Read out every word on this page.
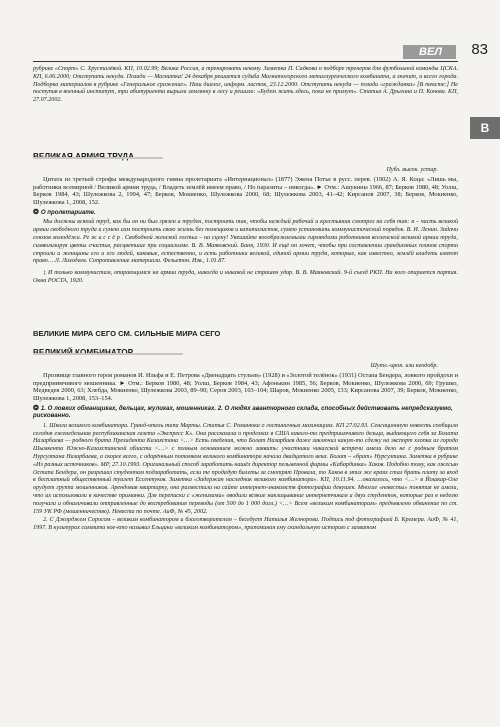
ВЕЛ	83
В

рубрике «Спорт» С. Хрусталёвой. КП, 10.02.99; Велика Россия, а тренировать некому. Заметка П. Садкова о подборе тренеров для футбольной команды ЦСКА. КП, 6.06.2000; Отступать некуда. Позади — Магнитка! 24 декабря решается судьба Магнитогорского металлургического комбината, а значит, и всего города. Подборка материалов в рубрике «Генеральное сражение». Наш диалог, информ. листок, 23.12.2000. Отступать некуда — позади «гражданка» [В тексте:] Не поступив в военный институт, три абитуриента вырыли землянку в лесу и решили: «Будем жить здесь, пока не примут». Статья А. Дрыгина и П. Конова. КП, 27.07.2002.

Публ. высок. устар.

Цитата из третьей строфы международного гимна пролетариата «Интернационал» (1877) Эжена Потье в русс. перев. (1902) А. Я. Коца: «Лишь мы, работники всемирной / Великой армии труда, / Владеть землёй имеем право, / Но паразиты – никогда». ► Отм.: Ашукины 1966, 87; Берков 1980, 48; Уолш, Берков 1984, 43; Шулежкова 2, 1994, 47; Берков, Мокиенко, Шулежкова 2000, 68; Шулежкова 2003, 41–42; Кирсанов 2007, 38; Берков, Мокиенко, Шулежкова 1, 2008, 152.

❂ О пролетариате.

Мы должны всякий труд, как бы он ни был грязен и труден, построить так, чтобы каждый рабочий и крестьянин смотрел на себя так: я – часть великой армии свободного труда и сумею сам построить свою жизнь без помещиков и капиталистов, сумею установить коммунистический порядок. В. И. Ленин. Задачи союзов молодёжи. Ре ж и с с ё р . Свободной женской гостьи – на сцену! Увешайте вооображаемыми гирляндами работников вселенской великой армии труда, символизируя цветы счастья, расцветшие при социализме. В. В. Маяковский. Баня, 1930. И ещё он хочет, чтобы при составлении грандиозных планов спорта строили и женщины его и его людей, каковые, естественно, и есть работники великой, единой армии труда, которые, как известно, землёй владеть имеют право… Л. Лиходеев. Сопротивление материала. Фельетон. Изв., 1.01.87.

↨ И только коммунистам, опирающимся на армии труда, никогда и никакой не страшен удар. В. В. Маяковский. 9-й съезд РКП. На кого опирается партия. Окна РОСТА, 1920.

ВЕЛИКИЕ МИРА СЕГО СМ. СИЛЬНЫЕ МИРА СЕГО

Шутл.-ирон. или неодобр.

Прозвище главного героя романов И. Ильфа и Е. Петрова «Двенадцать стульев» (1928) и «Золотой телёнок» (1931) Остапа Бендера, ловкого пройдохи и предприимчивого мошенника. ► Отм.: Берков 1980, 48; Уолш, Берков 1984, 43; Афонькин 1985, 56; Берков, Мокиенко, Шулежкова 2000, 69; Грушко, Медведев 2000, 63; Хлебда, Мокиенко, Шулежкова 2003, 89–90; Серов 2003, 103–104; Шаров, Мокиенко 2005, 133; Кирсанова 2007, 39; Берков, Мокиенко, Шулежкова 1, 2008, 153–154.

❂ 1. О ловких обманщиках, дельцах, жуликах, мошенниках. 2. О людях авантюрного склада, способных действовать непредсказуемо, рискованно.

1. Школа великого комбинатора. Гранд-отель типа Марты. Статья С. Романюка о гостиничных махинациях. КП 27.02.93. Сенсационную новость сообщила сегодня еженедельная республиканская газета «Экспресс К». Она рассказала о проделках в США какого-то предприимчивого дельца, выдающего себя за Болата Назарбаева — родного брата Президента Казахстана <…> Есть сведения, что Болат Назарбаев даже заключил какую-то сделку на экспорт хлопка из города Шымкента Южно-Казахстанской области <…> с полным основанием можно заявить: участники чикагской встречи имели дело не с родным братом Нурсултана Назарбаева, а скорее всего, с одарённым потомком великого комбинатора начала двадцатого века. Болат – «брат» Нурсултана. Заметка в рубрике «Из разных источников». МР, 27.10.1993. Оригинальный способ заработать нашёл директор пельменной фирмы «Кабардинка» Хаков. Подобно тому, как лжесын Остапа Бендера, он разрешал студентам подзаработать, если те продадут билеты за смотрят Провала, то Хаков в этих же краях стал брать плату за вход в бесплатный общественный туалет Ессентуков. Заметка «Задержан наследник великого комбинатора». КП, 10.11.94. …оказалось, что <…> в Йошкар-Оле орудует группа мошенников. Арендовав квартирку, они разместили на сайте интернет-знакомств фотографии девушек. Многие «невесты» понятия не имели, что их использовали в качестве приманки. Для переписки с «женихами» оводили всякие наклицывание интернетчикам и двух студенток, которые раз в неделю получали и обналичивали отправленные до востребования переводы (от 500 до 1 000 долл.) <…> Всем «великим комбинаторам» предъявлено обвинение по ст. 159 УК РФ (мошенничество). Невеста по почте. АиФ, № 45, 2002.

2. С Джорджем Соросом – великим комбинатором и благотворителем – беседует Наталья Желнорова. Подпись под фотографией Б. Кремера. АиФ, № 41, 1997. В культурах саммита кое-кто называл Ельцина «великим комбинатором», припоминая ему скандальную историю с захватом
